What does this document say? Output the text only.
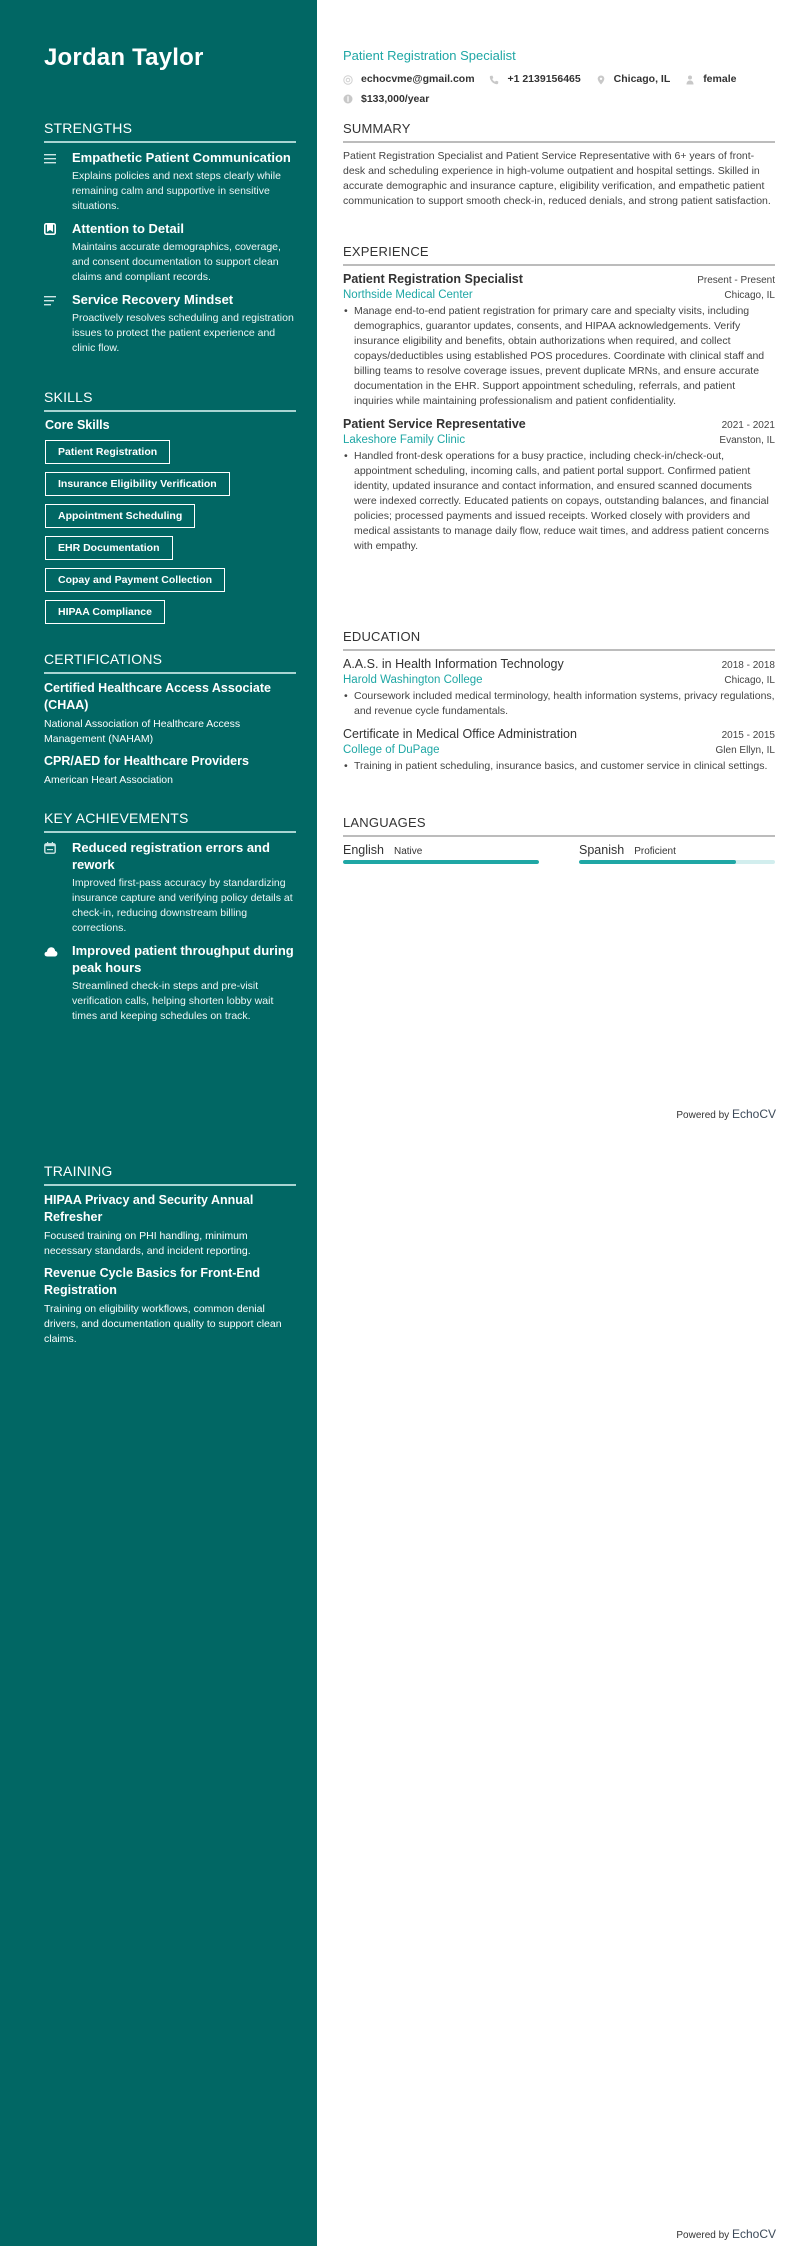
Jordan Taylor
STRENGTHS
Empathetic Patient Communication
Explains policies and next steps clearly while remaining calm and supportive in sensitive situations.
Attention to Detail
Maintains accurate demographics, coverage, and consent documentation to support clean claims and compliant records.
Service Recovery Mindset
Proactively resolves scheduling and registration issues to protect the patient experience and clinic flow.
SKILLS
Core Skills
Patient Registration
Insurance Eligibility Verification
Appointment Scheduling
EHR Documentation
Copay and Payment Collection
HIPAA Compliance
CERTIFICATIONS
Certified Healthcare Access Associate (CHAA)
National Association of Healthcare Access Management (NAHAM)
CPR/AED for Healthcare Providers
American Heart Association
KEY ACHIEVEMENTS
Reduced registration errors and rework
Improved first-pass accuracy by standardizing insurance capture and verifying policy details at check-in, reducing downstream billing corrections.
Improved patient throughput during peak hours
Streamlined check-in steps and pre-visit verification calls, helping shorten lobby wait times and keeping schedules on track.
TRAINING
HIPAA Privacy and Security Annual Refresher
Focused training on PHI handling, minimum necessary standards, and incident reporting.
Revenue Cycle Basics for Front-End Registration
Training on eligibility workflows, common denial drivers, and documentation quality to support clean claims.
Patient Registration Specialist
echocvme@gmail.com
	+1 2139156465
	Chicago, IL
	female

$133,000/year
SUMMARY
Patient Registration Specialist and Patient Service Representative with 6+ years of front-desk and scheduling experience in high-volume outpatient and hospital settings. Skilled in accurate demographic and insurance capture, eligibility verification, and empathetic patient communication to support smooth check-in, reduced denials, and strong patient satisfaction.
EXPERIENCE
Patient Registration Specialist	Present - Present
Northside Medical Center	Chicago, IL
• Manage end-to-end patient registration for primary care and specialty visits, including demographics, guarantor updates, consents, and HIPAA acknowledgements. Verify insurance eligibility and benefits, obtain authorizations when required, and collect copays/deductibles using established POS procedures. Coordinate with clinical staff and billing teams to resolve coverage issues, prevent duplicate MRNs, and ensure accurate documentation in the EHR. Support appointment scheduling, referrals, and patient inquiries while maintaining professionalism and patient confidentiality.
Patient Service Representative	2021 - 2021
Lakeshore Family Clinic	Evanston, IL
• Handled front-desk operations for a busy practice, including check-in/check-out, appointment scheduling, incoming calls, and patient portal support. Confirmed patient identity, updated insurance and contact information, and ensured scanned documents were indexed correctly. Educated patients on copays, outstanding balances, and financial policies; processed payments and issued receipts. Worked closely with providers and medical assistants to manage daily flow, reduce wait times, and address patient concerns with empathy.
EDUCATION
A.A.S. in Health Information Technology	2018 - 2018
Harold Washington College	Chicago, IL
• Coursework included medical terminology, health information systems, privacy regulations, and revenue cycle fundamentals.
Certificate in Medical Office Administration	2015 - 2015
College of DuPage	Glen Ellyn, IL
• Training in patient scheduling, insurance basics, and customer service in clinical settings.
LANGUAGES
English Native	Spanish Proficient
Powered by EchoCV
Powered by EchoCV
